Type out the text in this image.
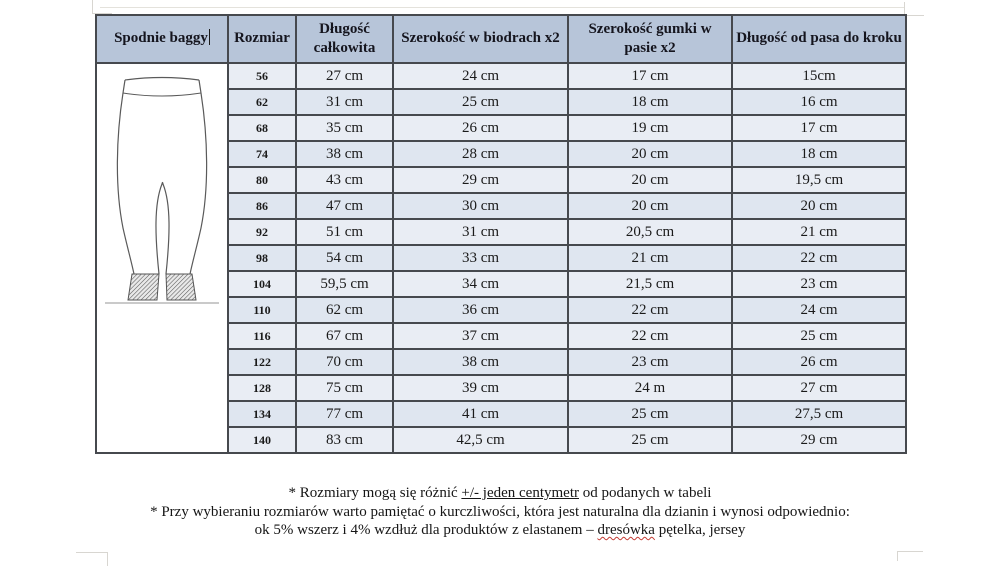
Spodnie baggy	Rozmiar	Długość całkowita	Szerokość w biodrach x2	Szerokość gumki w pasie x2	Długość od pasa do kroku

	56	27 cm	24 cm	17 cm	15cm
	62	31 cm	25 cm	18 cm	16 cm
	68	35 cm	26 cm	19 cm	17 cm
	74	38 cm	28 cm	20 cm	18 cm
	80	43 cm	29 cm	20 cm	19,5 cm
	86	47 cm	30 cm	20 cm	20 cm
	92	51 cm	31 cm	20,5 cm	21 cm
	98	54 cm	33 cm	21 cm	22 cm
	104	59,5 cm	34 cm	21,5 cm	23 cm
	110	62 cm	36 cm	22 cm	24 cm
	116	67 cm	37 cm	22 cm	25 cm
	122	70 cm	38 cm	23 cm	26 cm
	128	75 cm	39 cm	24 m	27 cm
	134	77 cm	41 cm	25 cm	27,5 cm
	140	83 cm	42,5 cm	25 cm	29 cm
* Rozmiary mogą się różnić +/- jeden centymetr od podanych w tabeli
* Przy wybieraniu rozmiarów warto pamiętać o kurczliwości, która jest naturalna dla dzianin i wynosi odpowiednio:
ok 5% wszerz i 4% wzdłuż dla produktów z elastanem – dresówka pętelka, jersey
